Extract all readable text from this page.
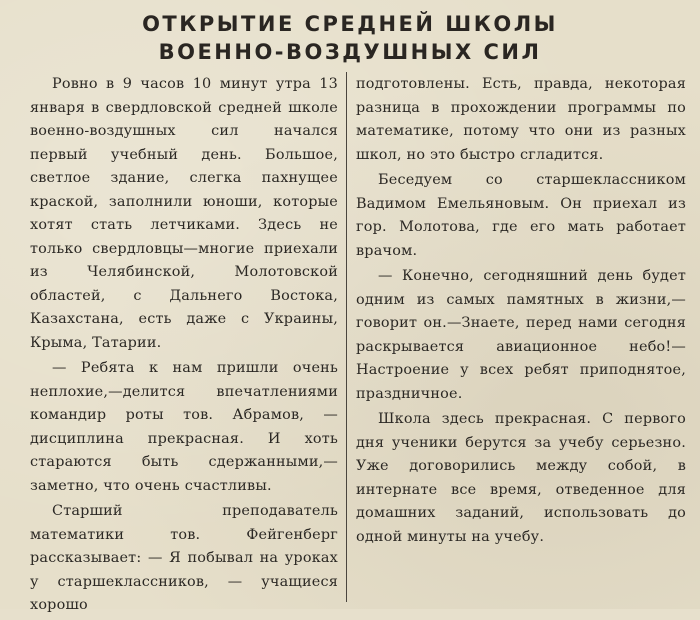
ОТКРЫТИЕ СРЕДНЕЙ ШКОЛЫ
ВОЕННО-ВОЗДУШНЫХ СИЛ

Ровно в 9 часов 10 минут утра 13 января в свердловской средней школе военно-воздушных сил начался первый учебный день. Большое, светлое здание, слегка пахнущее краской, заполнили юноши, которые хотят стать летчиками. Здесь не только свердловцы—многие приехали из Челябинской, Молотовской областей, с Дальнего Востока, Казахстана, есть даже с Украины, Крыма, Татарии.

— Ребята к нам пришли очень неплохие,—делится впечатлениями командир роты тов. Абрамов, — дисциплина прекрасная. И хоть стараются быть сдержанными,—заметно, что очень счастливы.

Старший преподаватель математики тов. Фейгенберг рассказывает: — Я побывал на уроках у старшеклассников, — учащиеся хорошо

подготовлены. Есть, правда, некоторая разница в прохождении программы по математике, потому что они из разных школ, но это быстро сгладится.

Беседуем со старшеклассником Вадимом Емельяновым. Он приехал из гор. Молотова, где его мать работает врачом.

— Конечно, сегодняшний день будет одним из самых памятных в жизни,—говорит он.—Знаете, перед нами сегодня раскрывается авиационное небо!—Настроение у всех ребят приподнятое, праздничное.

Школа здесь прекрасная. С первого дня ученики берутся за учебу серьезно. Уже договорились между собой, в интернате все время, отведенное для домашних заданий, использовать до одной минуты на учебу.
